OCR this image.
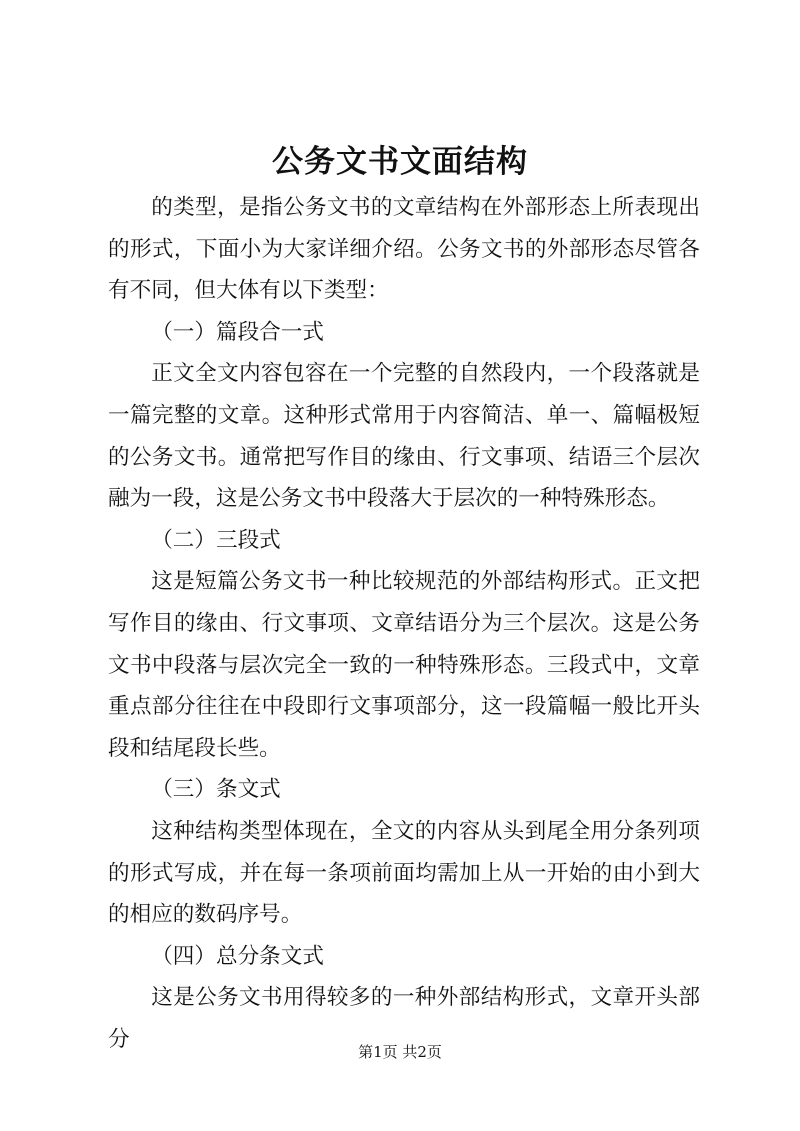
公务文书文面结构

的类型，是指公务文书的文章结构在外部形态上所表现出的形式，下面小为大家详细介绍。公务文书的外部形态尽管各有不同，但大体有以下类型：

（一）篇段合一式

正文全文内容包容在一个完整的自然段内，一个段落就是一篇完整的文章。这种形式常用于内容简洁、单一、篇幅极短的公务文书。通常把写作目的缘由、行文事项、结语三个层次融为一段，这是公务文书中段落大于层次的一种特殊形态。

（二）三段式

这是短篇公务文书一种比较规范的外部结构形式。正文把写作目的缘由、行文事项、文章结语分为三个层次。这是公务文书中段落与层次完全一致的一种特殊形态。三段式中，文章重点部分往往在中段即行文事项部分，这一段篇幅一般比开头段和结尾段长些。

（三）条文式

这种结构类型体现在，全文的内容从头到尾全用分条列项的形式写成，并在每一条项前面均需加上从一开始的由小到大的相应的数码序号。

（四）总分条文式

这是公务文书用得较多的一种外部结构形式，文章开头部分

第1页 共2页
